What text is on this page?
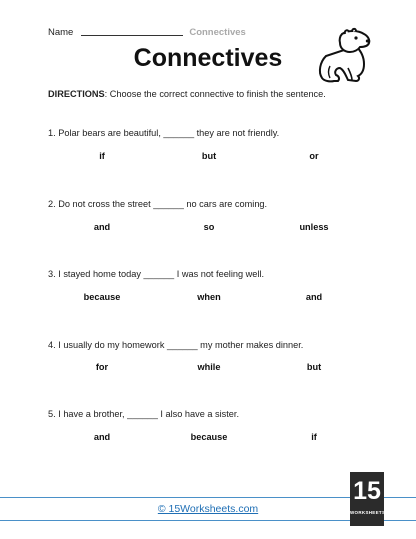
Name	Connectives
Connectives
DIRECTIONS: Choose the correct connective to finish the sentence.
1. Polar bears are beautiful, ______ they are not friendly.
if	but	or
2. Do not cross the street ______ no cars are coming.
and	so	unless
3. I stayed home today ______ I was not feeling well.
because	when	and
4. I usually do my homework ______ my mother makes dinner.
for	while	but
5. I have a brother, ______ I also have a sister.
and	because	if
© 15Worksheets.com
15
WORKSHEETS
